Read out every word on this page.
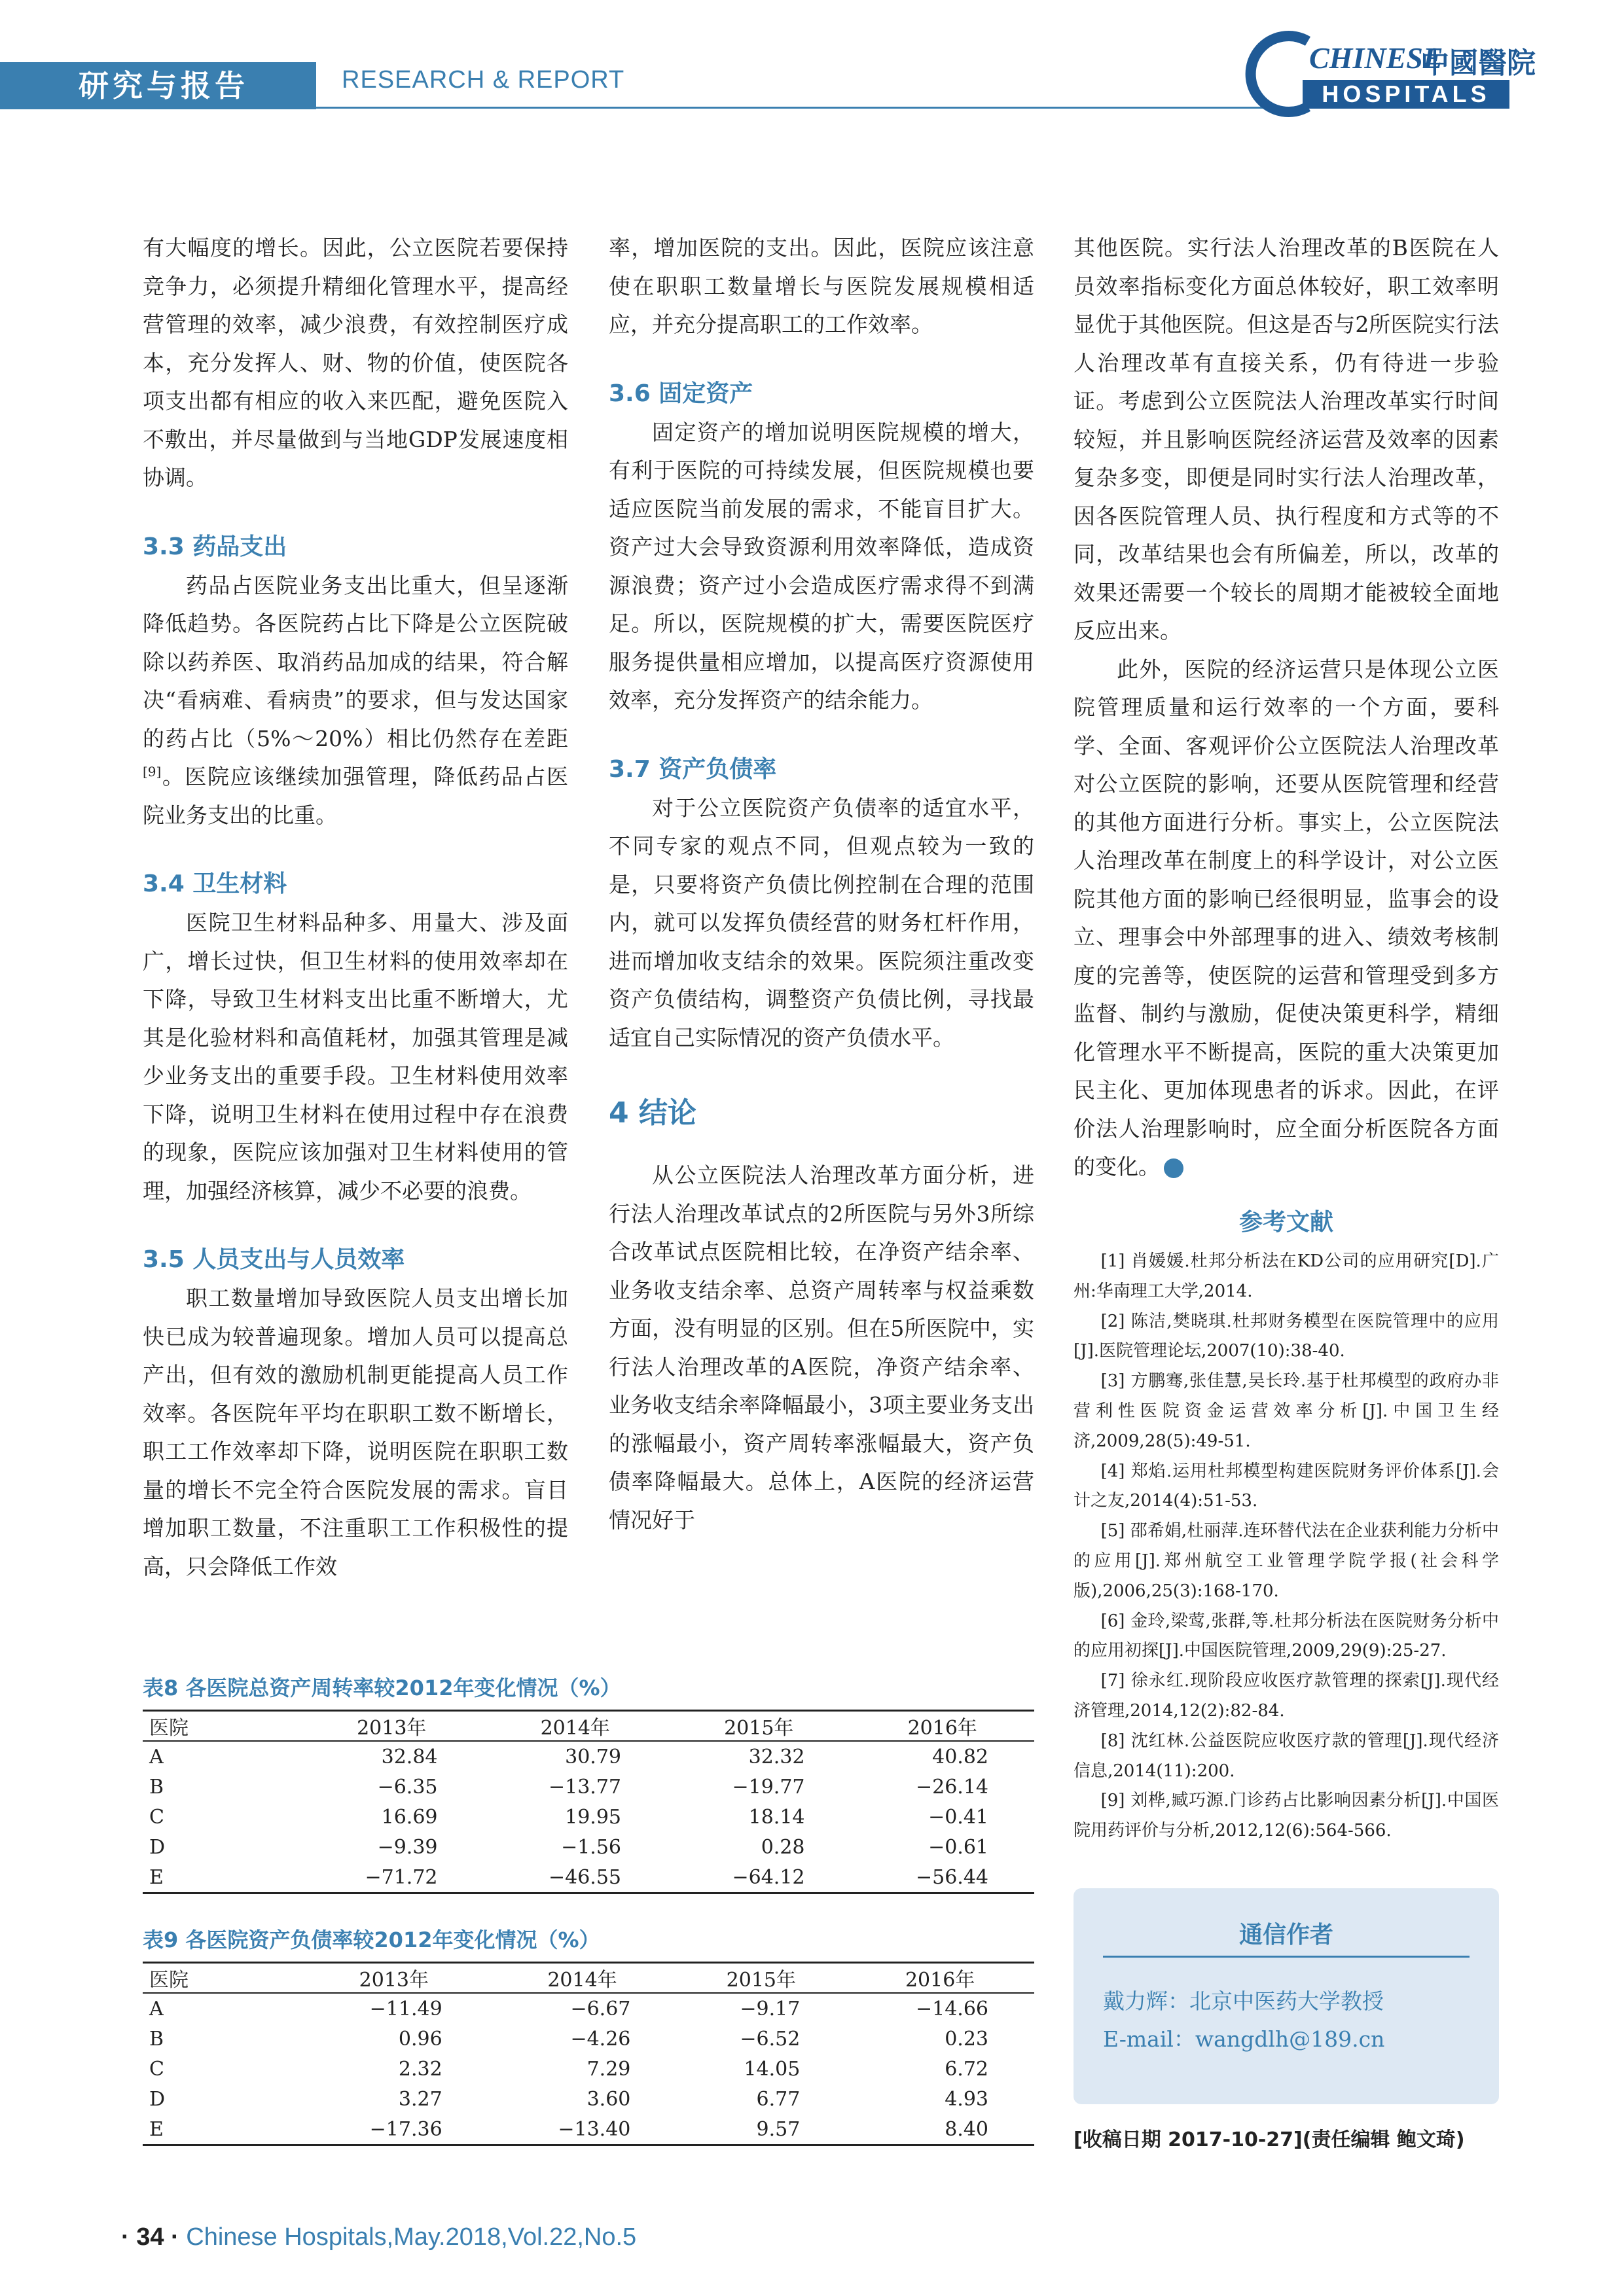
研究与报告	RESEARCH & REPORT
CHINESE
中國醫院
HOSPITALS

有大幅度的增长。因此，公立医院若要保持竞争力，必须提升精细化管理水平，提高经营管理的效率，减少浪费，有效控制医疗成本，充分发挥人、财、物的价值，使医院各项支出都有相应的收入来匹配，避免医院入不敷出，并尽量做到与当地GDP发展速度相协调。

3.3 药品支出

药品占医院业务支出比重大，但呈逐渐降低趋势。各医院药占比下降是公立医院破除以药养医、取消药品加成的结果，符合解决“看病难、看病贵”的要求，但与发达国家的药占比（5%～20%）相比仍然存在差距[9]。医院应该继续加强管理，降低药品占医院业务支出的比重。

3.4 卫生材料

医院卫生材料品种多、用量大、涉及面广，增长过快，但卫生材料的使用效率却在下降，导致卫生材料支出比重不断增大，尤其是化验材料和高值耗材，加强其管理是减少业务支出的重要手段。卫生材料使用效率下降，说明卫生材料在使用过程中存在浪费的现象，医院应该加强对卫生材料使用的管理，加强经济核算，减少不必要的浪费。

3.5 人员支出与人员效率

职工数量增加导致医院人员支出增长加快已成为较普遍现象。增加人员可以提高总产出，但有效的激励机制更能提高人员工作效率。各医院年平均在职职工数不断增长，职工工作效率却下降，说明医院在职职工数量的增长不完全符合医院发展的需求。盲目增加职工数量，不注重职工工作积极性的提高，只会降低工作效

率，增加医院的支出。因此，医院应该注意使在职职工数量增长与医院发展规模相适应，并充分提高职工的工作效率。

3.6 固定资产

固定资产的增加说明医院规模的增大，有利于医院的可持续发展，但医院规模也要适应医院当前发展的需求，不能盲目扩大。资产过大会导致资源利用效率降低，造成资源浪费；资产过小会造成医疗需求得不到满足。所以，医院规模的扩大，需要医院医疗服务提供量相应增加，以提高医疗资源使用效率，充分发挥资产的结余能力。

3.7 资产负债率

对于公立医院资产负债率的适宜水平，不同专家的观点不同，但观点较为一致的是，只要将资产负债比例控制在合理的范围内，就可以发挥负债经营的财务杠杆作用，进而增加收支结余的效果。医院须注重改变资产负债结构，调整资产负债比例，寻找最适宜自己实际情况的资产负债水平。

4 结论

从公立医院法人治理改革方面分析，进行法人治理改革试点的2所医院与另外3所综合改革试点医院相比较，在净资产结余率、业务收支结余率、总资产周转率与权益乘数方面，没有明显的区别。但在5所医院中，实行法人治理改革的A医院，净资产结余率、业务收支结余率降幅最小，3项主要业务支出的涨幅最小，资产周转率涨幅最大，资产负债率降幅最大。总体上，A医院的经济运营情况好于

其他医院。实行法人治理改革的B医院在人员效率指标变化方面总体较好，职工效率明显优于其他医院。但这是否与2所医院实行法人治理改革有直接关系，仍有待进一步验证。考虑到公立医院法人治理改革实行时间较短，并且影响医院经济运营及效率的因素复杂多变，即便是同时实行法人治理改革，因各医院管理人员、执行程度和方式等的不同，改革结果也会有所偏差，所以，改革的效果还需要一个较长的周期才能被较全面地反应出来。

此外，医院的经济运营只是体现公立医院管理质量和运行效率的一个方面，要科学、全面、客观评价公立医院法人治理改革对公立医院的影响，还要从医院管理和经营的其他方面进行分析。事实上，公立医院法人治理改革在制度上的科学设计，对公立医院其他方面的影响已经很明显，监事会的设立、理事会中外部理事的进入、绩效考核制度的完善等，使医院的运营和管理受到多方监督、制约与激励，促使决策更科学，精细化管理水平不断提高，医院的重大决策更加民主化、更加体现患者的诉求。因此，在评价法人治理影响时，应全面分析医院各方面的变化。

参考文献

[1] 肖媛媛.杜邦分析法在KD公司的应用研究[D].广州:华南理工大学,2014.

[2] 陈洁,樊晓琪.杜邦财务模型在医院管理中的应用[J].医院管理论坛,2007(10):38-40.

[3] 方鹏骞,张佳慧,吴长玲.基于杜邦模型的政府办非营利性医院资金运营效率分析[J].中国卫生经济,2009,28(5):49-51.

[4] 郑焰.运用杜邦模型构建医院财务评价体系[J].会计之友,2014(4):51-53.

[5] 邵希娟,杜丽萍.连环替代法在企业获利能力分析中的应用[J].郑州航空工业管理学院学报(社会科学版),2006,25(3):168-170.

[6] 金玲,梁莺,张群,等.杜邦分析法在医院财务分析中的应用初探[J].中国医院管理,2009,29(9):25-27.

[7] 徐永红.现阶段应收医疗款管理的探索[J].现代经济管理,2014,12(2):82-84.

[8] 沈红林.公益医院应收医疗款的管理[J].现代经济信息,2014(11):200.

[9] 刘桦,臧巧源.门诊药占比影响因素分析[J].中国医院用药评价与分析,2012,12(6):564-566.

通信作者
戴力辉：北京中医药大学教授
E-mail：wangdlh@189.cn
[收稿日期 2017-10-27](责任编辑 鲍文琦)
表8 各医院总资产周转率较2012年变化情况（%）
医院	2013年	2014年	2015年	2016年
A	32.84	30.79	32.32	40.82
B	−6.35	−13.77	−19.77	−26.14
C	16.69	19.95	18.14	−0.41
D	−9.39	−1.56	0.28	−0.61
E	−71.72	−46.55	−64.12	−56.44
表9 各医院资产负债率较2012年变化情况（%）
医院	2013年	2014年	2015年	2016年
A	−11.49	−6.67	−9.17	−14.66
B	0.96	−4.26	−6.52	0.23
C	2.32	7.29	14.05	6.72
D	3.27	3.60	6.77	4.93
E	−17.36	−13.40	9.57	8.40
· 34 · Chinese Hospitals,May.2018,Vol.22,No.5
